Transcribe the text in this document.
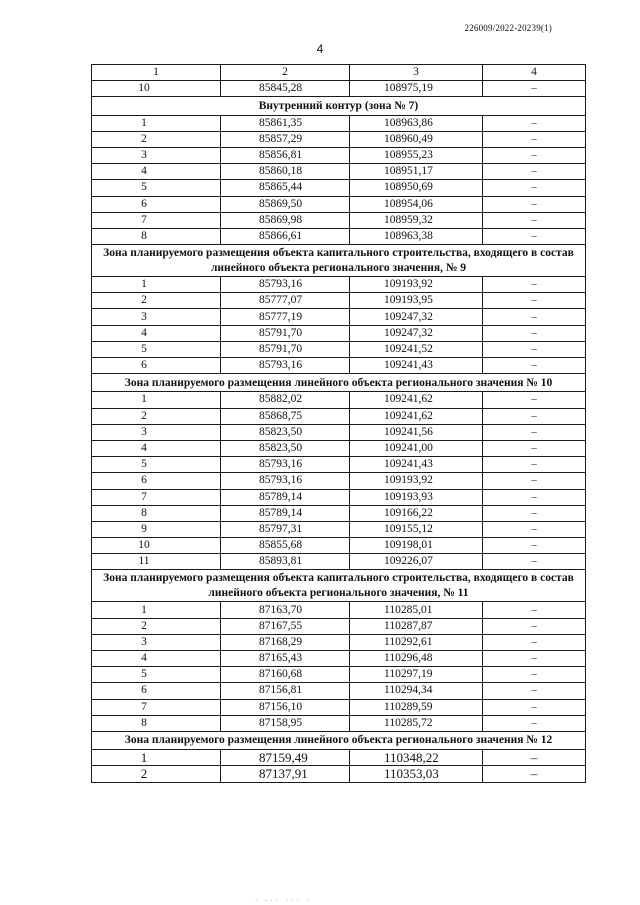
226009/2022-20239(1)
4
1	2	3	4
10	85845,28	108975,19	–
Внутренний контур (зона № 7)			
1	85861,35	108963,86	–
2	85857,29	108960,49	–
3	85856,81	108955,23	–
4	85860,18	108951,17	–
5	85865,44	108950,69	–
6	85869,50	108954,06	–
7	85869,98	108959,32	–
8	85866,61	108963,38	–
Зона планируемого размещения объекта капитального строительства, входящего в состав линейного объекта регионального значения, № 9			
1	85793,16	109193,92	–
2	85777,07	109193,95	–
3	85777,19	109247,32	–
4	85791,70	109247,32	–
5	85791,70	109241,52	–
6	85793,16	109241,43	–
Зона планируемого размещения линейного объекта регионального значения № 10			
1	85882,02	109241,62	–
2	85868,75	109241,62	–
3	85823,50	109241,56	–
4	85823,50	109241,00	–
5	85793,16	109241,43	–
6	85793,16	109193,92	–
7	85789,14	109193,93	–
8	85789,14	109166,22	–
9	85797,31	109155,12	–
10	85855,68	109198,01	–
11	85893,81	109226,07	–
Зона планируемого размещения объекта капитального строительства, входящего в состав линейного объекта регионального значения, № 11			
1	87163,70	110285,01	–
2	87167,55	110287,87	–
3	87168,29	110292,61	–
4	87165,43	110296,48	–
5	87160,68	110297,19	–
6	87156,81	110294,34	–
7	87156,10	110289,59	–
8	87158,95	110285,72	–
Зона планируемого размещения линейного объекта регионального значения № 12			
1	87159,49	110348,22	–
2	87137,91	110353,03	–
· ··· ··· ·
